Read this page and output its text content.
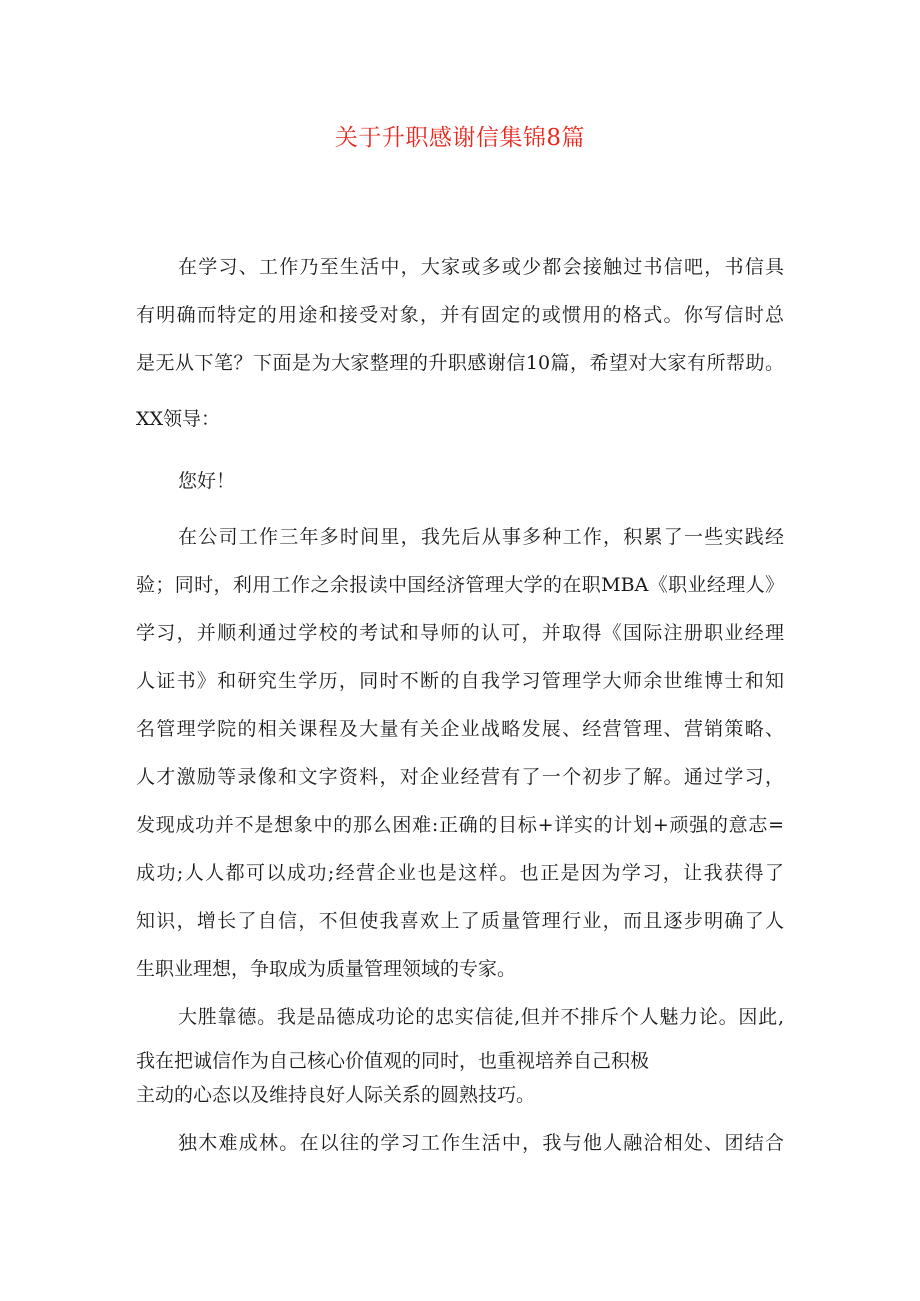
关于升职感谢信集锦8篇
在学习、工作乃至生活中，大家或多或少都会接触过书信吧，书信具
有明确而特定的用途和接受对象，并有固定的或惯用的格式。你写信时总
是无从下笔？下面是为大家整理的升职感谢信10篇，希望对大家有所帮助。
XX领导：
您好！
在公司工作三年多时间里，我先后从事多种工作，积累了一些实践经
验；同时，利用工作之余报读中国经济管理大学的在职MBA《职业经理人》
学习，并顺利通过学校的考试和导师的认可，并取得《国际注册职业经理
人证书》和研究生学历，同时不断的自我学习管理学大师余世维博士和知
名管理学院的相关课程及大量有关企业战略发展、经营管理、营销策略、
人才激励等录像和文字资料，对企业经营有了一个初步了解。通过学习，
发现成功并不是想象中的那么困难:正确的目标+详实的计划+顽强的意志=
成功;人人都可以成功;经营企业也是这样。也正是因为学习，让我获得了
知识，增长了自信，不但使我喜欢上了质量管理行业，而且逐步明确了人
生职业理想，争取成为质量管理领域的专家。
大胜靠德。我是品德成功论的忠实信徒,但并不排斥个人魅力论。因此,
我在把诚信作为自己核心价值观的同时，也重视培养自己积极
主动的心态以及维持良好人际关系的圆熟技巧。
独木难成林。在以往的学习工作生活中，我与他人融洽相处、团结合
